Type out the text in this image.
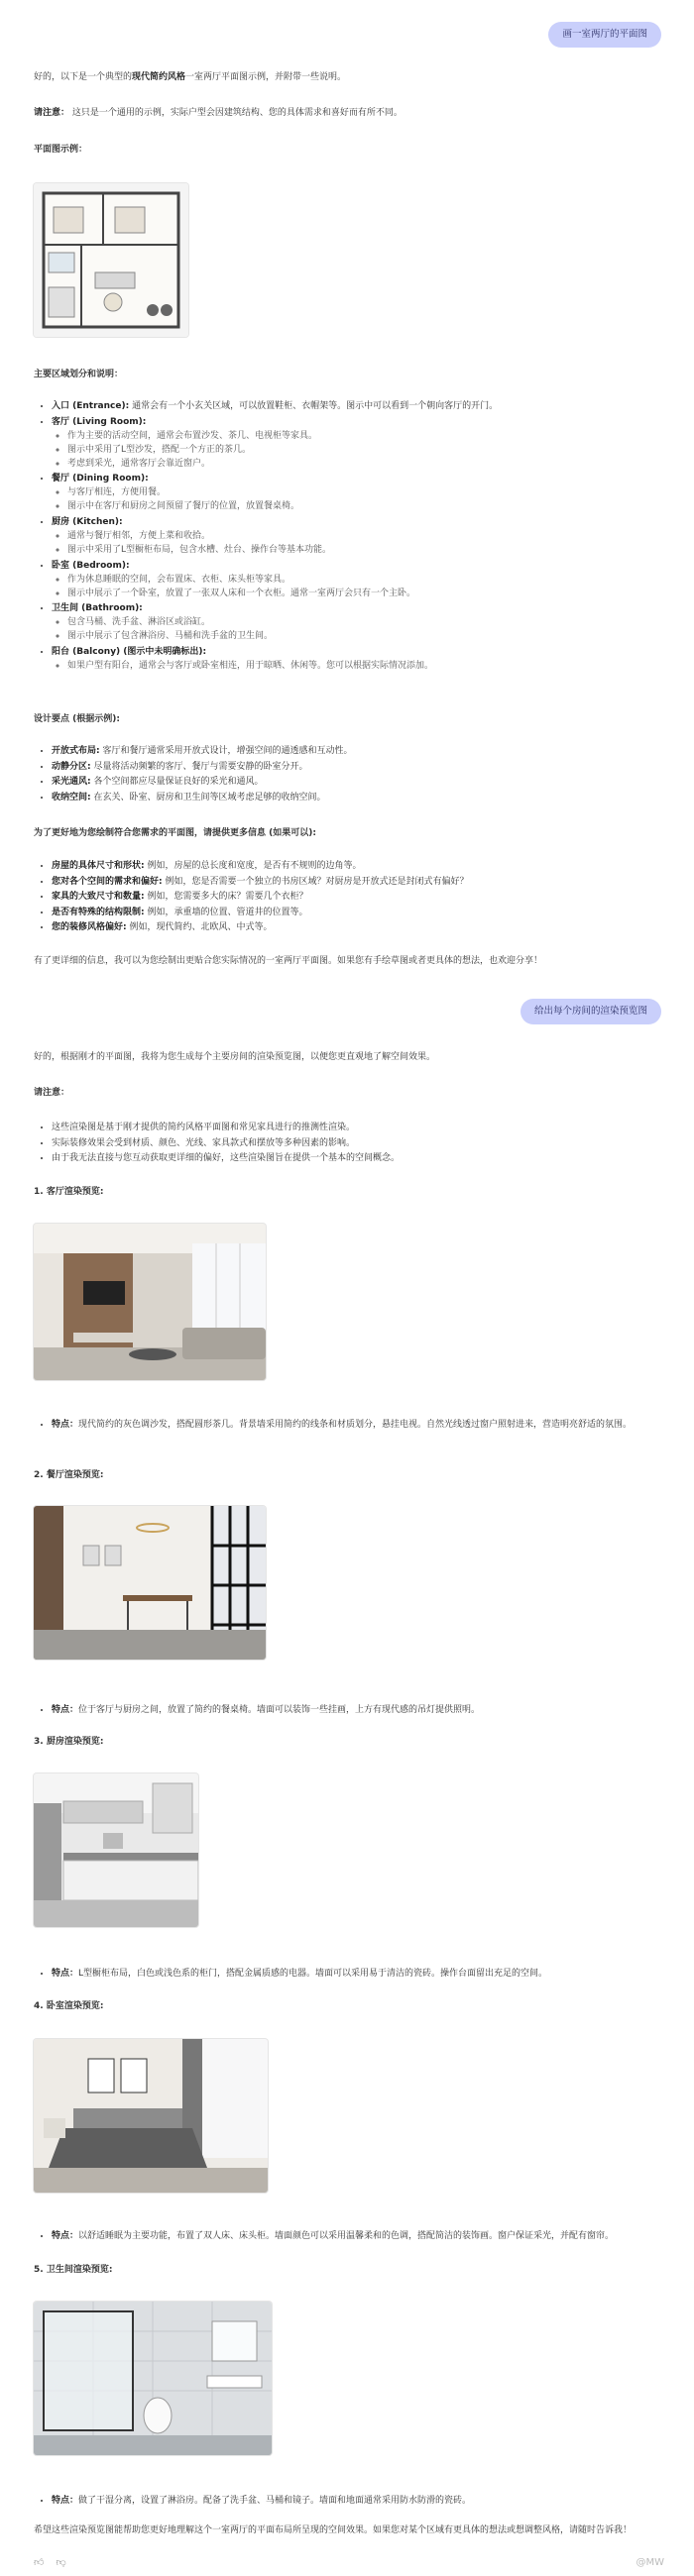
画一室两厅的平面图
好的，以下是一个典型的现代简约风格一室两厅平面图示例，并附带一些说明。
请注意： 这只是一个通用的示例，实际户型会因建筑结构、您的具体需求和喜好而有所不同。
平面图示例：
主要区域划分和说明：
• 入口 (Entrance): 通常会有一个小玄关区域，可以放置鞋柜、衣帽架等。图示中可以看到一个朝向客厅的开门。
• 客厅 (Living Room):
◦ 作为主要的活动空间，通常会布置沙发、茶几、电视柜等家具。
◦ 图示中采用了L型沙发，搭配一个方正的茶几。
◦ 考虑到采光，通常客厅会靠近窗户。
• 餐厅 (Dining Room):
◦ 与客厅相连，方便用餐。
◦ 图示中在客厅和厨房之间预留了餐厅的位置，放置餐桌椅。
• 厨房 (Kitchen):
◦ 通常与餐厅相邻，方便上菜和收拾。
◦ 图示中采用了L型橱柜布局，包含水槽、灶台、操作台等基本功能。
• 卧室 (Bedroom):
◦ 作为休息睡眠的空间，会布置床、衣柜、床头柜等家具。
◦ 图示中展示了一个卧室，放置了一张双人床和一个衣柜。通常一室两厅会只有一个主卧。
• 卫生间 (Bathroom):
◦ 包含马桶、洗手盆、淋浴区或浴缸。
◦ 图示中展示了包含淋浴房、马桶和洗手盆的卫生间。
• 阳台 (Balcony) (图示中未明确标出):
◦ 如果户型有阳台，通常会与客厅或卧室相连，用于晾晒、休闲等。您可以根据实际情况添加。
设计要点 (根据示例):
• 开放式布局: 客厅和餐厅通常采用开放式设计，增强空间的通透感和互动性。
• 动静分区: 尽量将活动频繁的客厅、餐厅与需要安静的卧室分开。
• 采光通风: 各个空间都应尽量保证良好的采光和通风。
• 收纳空间: 在玄关、卧室、厨房和卫生间等区域考虑足够的收纳空间。
为了更好地为您绘制符合您需求的平面图，请提供更多信息 (如果可以):
• 房屋的具体尺寸和形状: 例如，房屋的总长度和宽度，是否有不规则的边角等。
• 您对各个空间的需求和偏好: 例如，您是否需要一个独立的书房区域？对厨房是开放式还是封闭式有偏好？
• 家具的大致尺寸和数量: 例如，您需要多大的床？需要几个衣柜？
• 是否有特殊的结构限制: 例如，承重墙的位置、管道井的位置等。
• 您的装修风格偏好: 例如，现代简约、北欧风、中式等。
有了更详细的信息，我可以为您绘制出更贴合您实际情况的一室两厅平面图。如果您有手绘草图或者更具体的想法，也欢迎分享！
给出每个房间的渲染预览图
好的，根据刚才的平面图，我将为您生成每个主要房间的渲染预览图，以便您更直观地了解空间效果。
请注意：
• 这些渲染图是基于刚才提供的简约风格平面图和常见家具进行的推测性渲染。
• 实际装修效果会受到材质、颜色、光线、家具款式和摆放等多种因素的影响。
• 由于我无法直接与您互动获取更详细的偏好，这些渲染图旨在提供一个基本的空间概念。
1. 客厅渲染预览:
• 特点：现代简约的灰色调沙发，搭配圆形茶几。背景墙采用简约的线条和材质划分，悬挂电视。自然光线透过窗户照射进来，营造明亮舒适的氛围。
2. 餐厅渲染预览:
• 特点：位于客厅与厨房之间，放置了简约的餐桌椅。墙面可以装饰一些挂画，上方有现代感的吊灯提供照明。
3. 厨房渲染预览:
• 特点：L型橱柜布局，白色或浅色系的柜门，搭配金属质感的电器。墙面可以采用易于清洁的瓷砖。操作台面留出充足的空间。
4. 卧室渲染预览:
• 特点：以舒适睡眠为主要功能，布置了双人床、床头柜。墙面颜色可以采用温馨柔和的色调，搭配简洁的装饰画。窗户保证采光，并配有窗帘。
5. 卫生间渲染预览:
• 特点：做了干湿分离，设置了淋浴房。配备了洗手盆、马桶和镜子。墙面和地面通常采用防水防滑的瓷砖。
希望这些渲染预览图能帮助您更好地理解这个一室两厅的平面布局所呈现的空间效果。如果您对某个区域有更具体的想法或想调整风格，请随时告诉我！
👍︎ 👎︎	@MW
